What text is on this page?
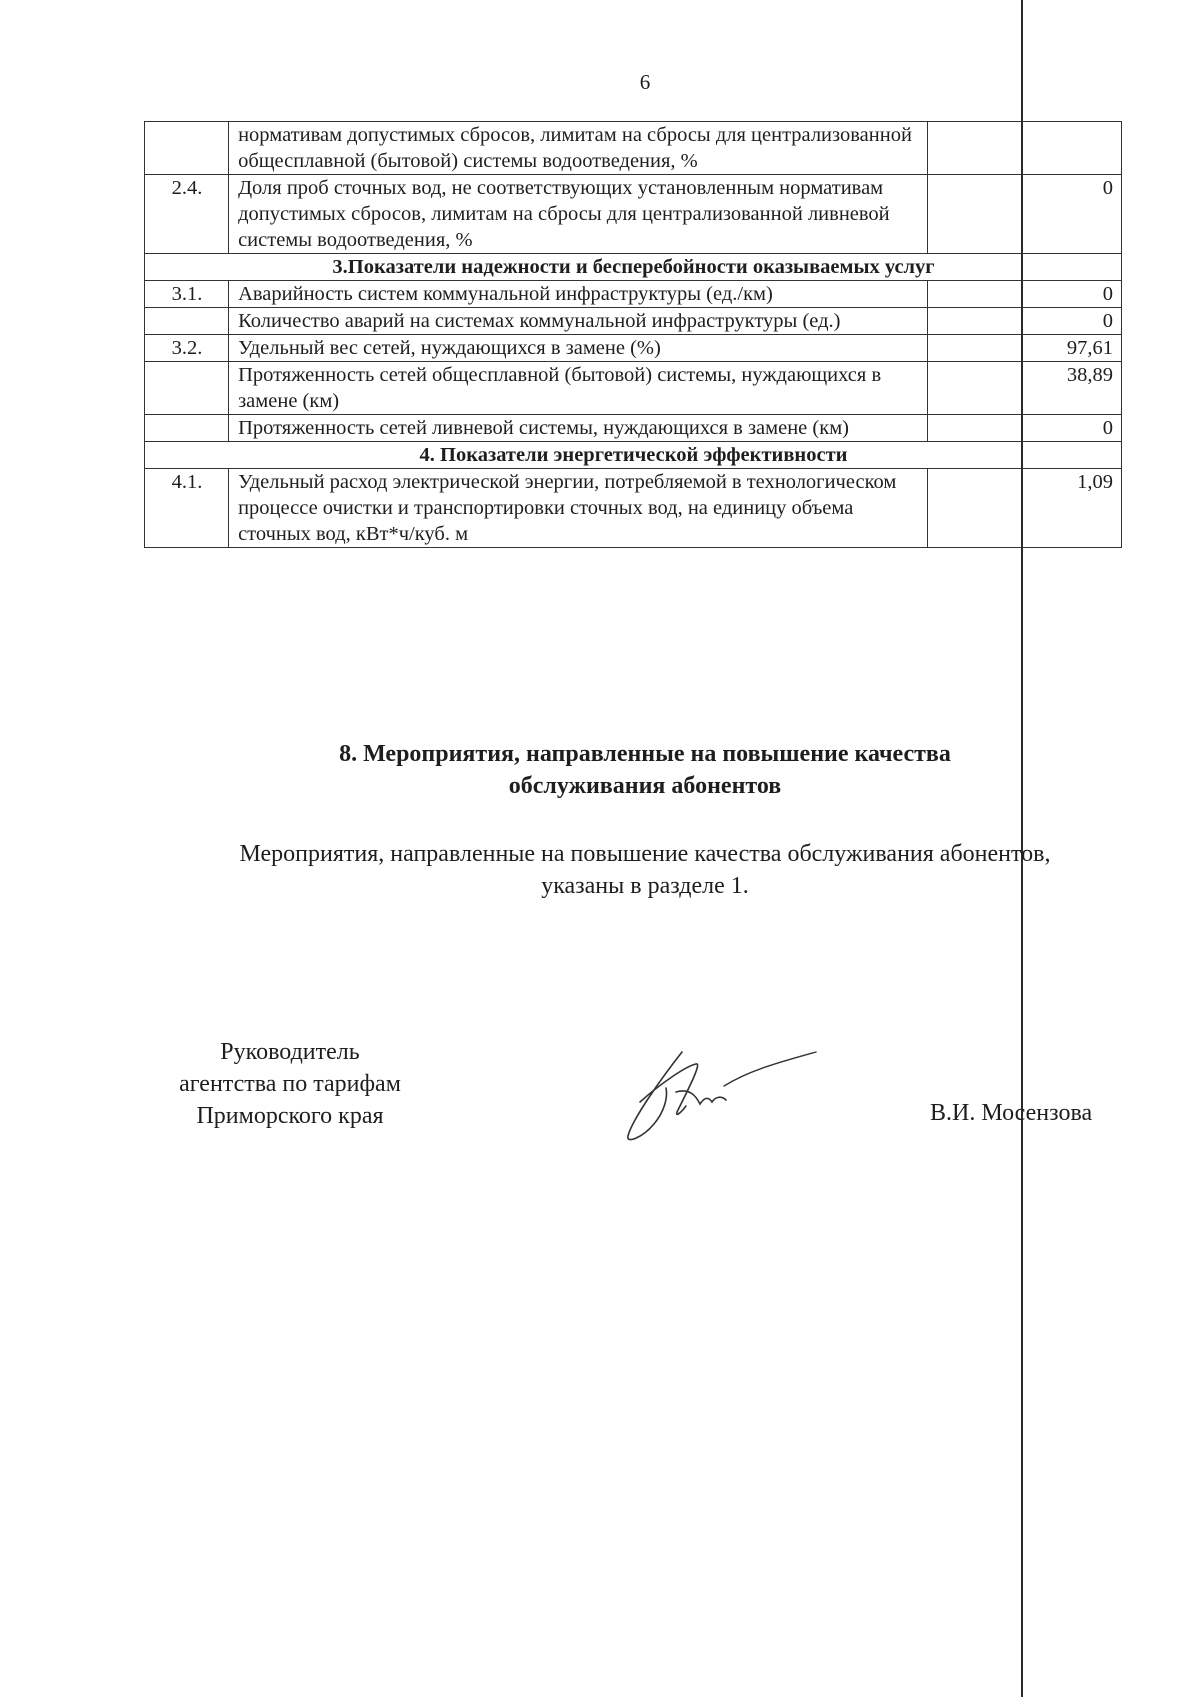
6
	нормативам допустимых сбросов, лимитам на сбросы для централизованной общесплавной (бытовой) системы водоотведения, %	
2.4.	Доля проб сточных вод, не соответствующих установленным нормативам допустимых сбросов, лимитам на сбросы для централизованной ливневой системы водоотведения, %	0
3.Показатели надежности и бесперебойности оказываемых услуг		
3.1.	Аварийность систем коммунальной инфраструктуры (ед./км)	0
	Количество аварий на системах коммунальной инфраструктуры (ед.)	0
3.2.	Удельный вес сетей, нуждающихся в замене (%)	97,61
	Протяженность сетей общесплавной (бытовой) системы, нуждающихся в замене (км)	38,89
	Протяженность сетей ливневой системы, нуждающихся в замене (км)	0
4. Показатели энергетической эффективности		
4.1.	Удельный расход электрической энергии, потребляемой в технологическом процессе очистки и транспортировки сточных вод, на единицу объема сточных вод, кВт*ч/куб. м	1,09
8. Мероприятия, направленные на повышение качества
обслуживания абонентов
Мероприятия, направленные на повышение качества обслуживания абонентов,
указаны в разделе 1.
Руководитель
агентства по тарифам
Приморского края	В.И. Мосензова
